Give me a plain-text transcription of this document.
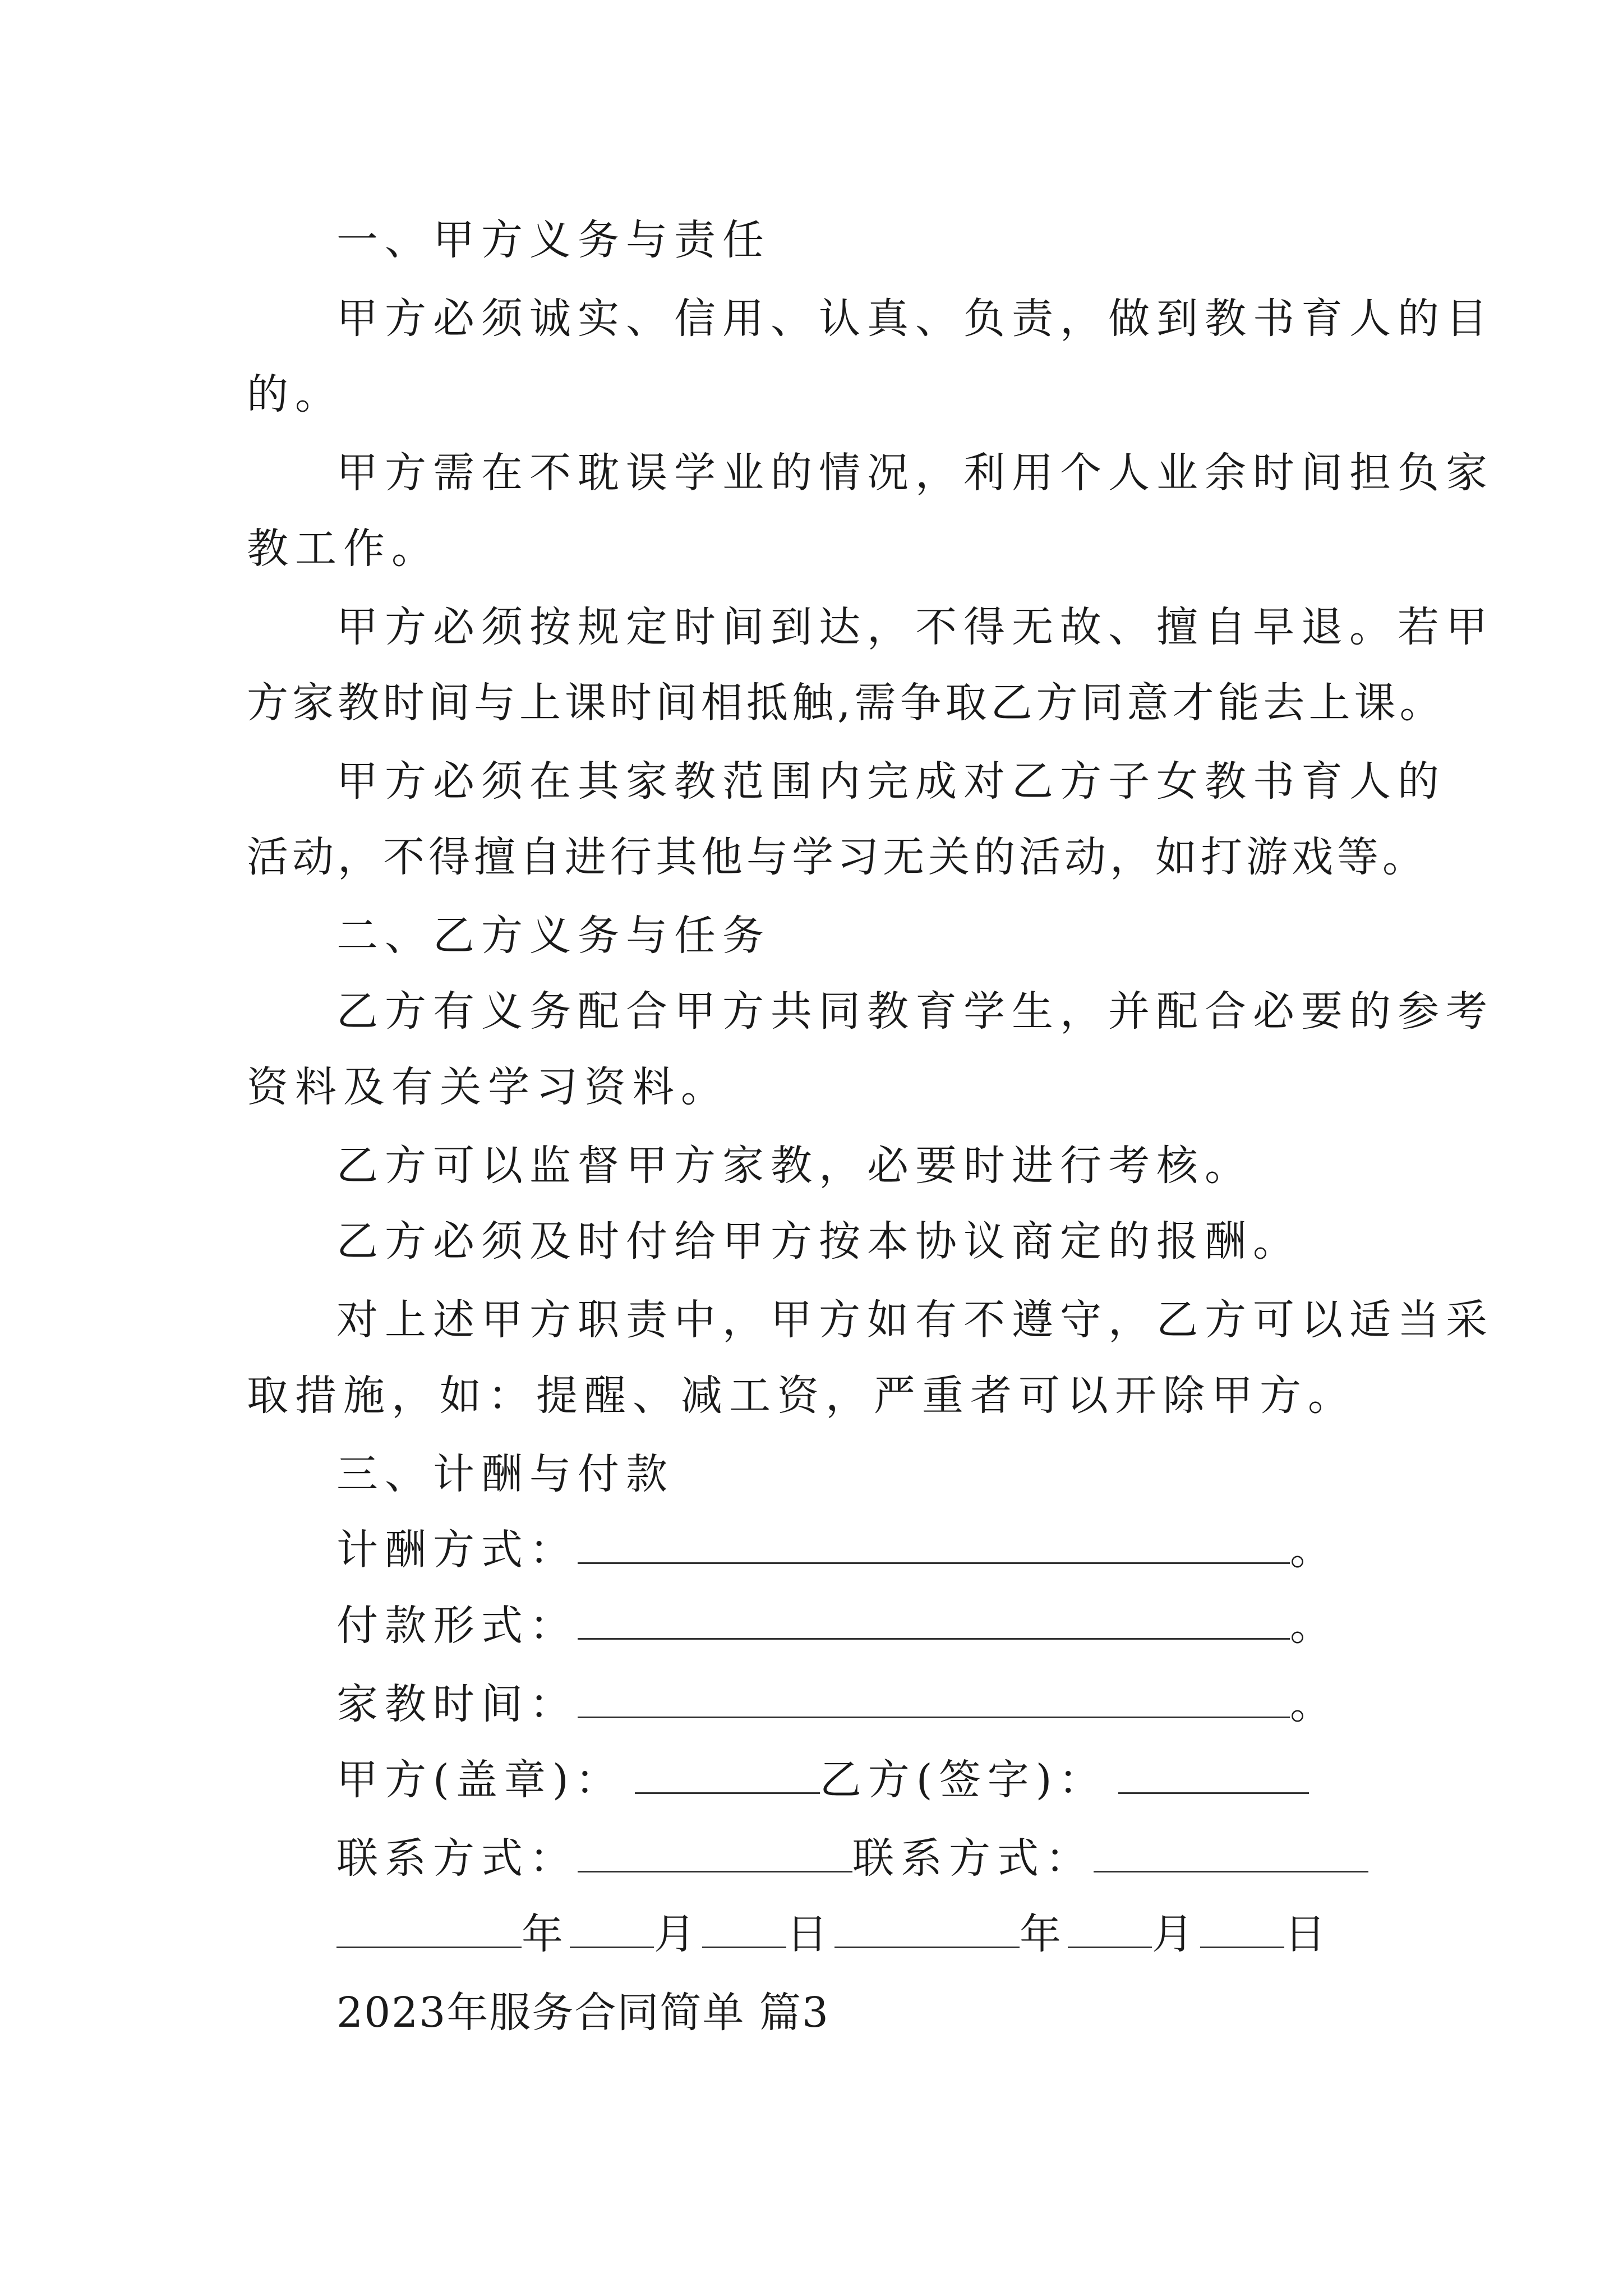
一、甲方义务与责任
甲方必须诚实、信用、认真、负责，做到教书育人的目
的。
甲方需在不耽误学业的情况，利用个人业余时间担负家
教工作。
甲方必须按规定时间到达，不得无故、擅自早退。若甲
方家教时间与上课时间相抵触,需争取乙方同意才能去上课。
甲方必须在其家教范围内完成对乙方子女教书育人的
活动，不得擅自进行其他与学习无关的活动，如打游戏等。
二、乙方义务与任务
乙方有义务配合甲方共同教育学生，并配合必要的参考
资料及有关学习资料。
乙方可以监督甲方家教，必要时进行考核。
乙方必须及时付给甲方按本协议商定的报酬。
对上述甲方职责中，甲方如有不遵守，乙方可以适当采
取措施，如：提醒、减工资，严重者可以开除甲方。
三、计酬与付款
计酬方式：	。
付款形式：	。
家教时间：	。
甲方(盖章)：	乙方(签字)：
联系方式：	联系方式：
年 月 日	年 月 日
2023年服务合同简单 篇3
